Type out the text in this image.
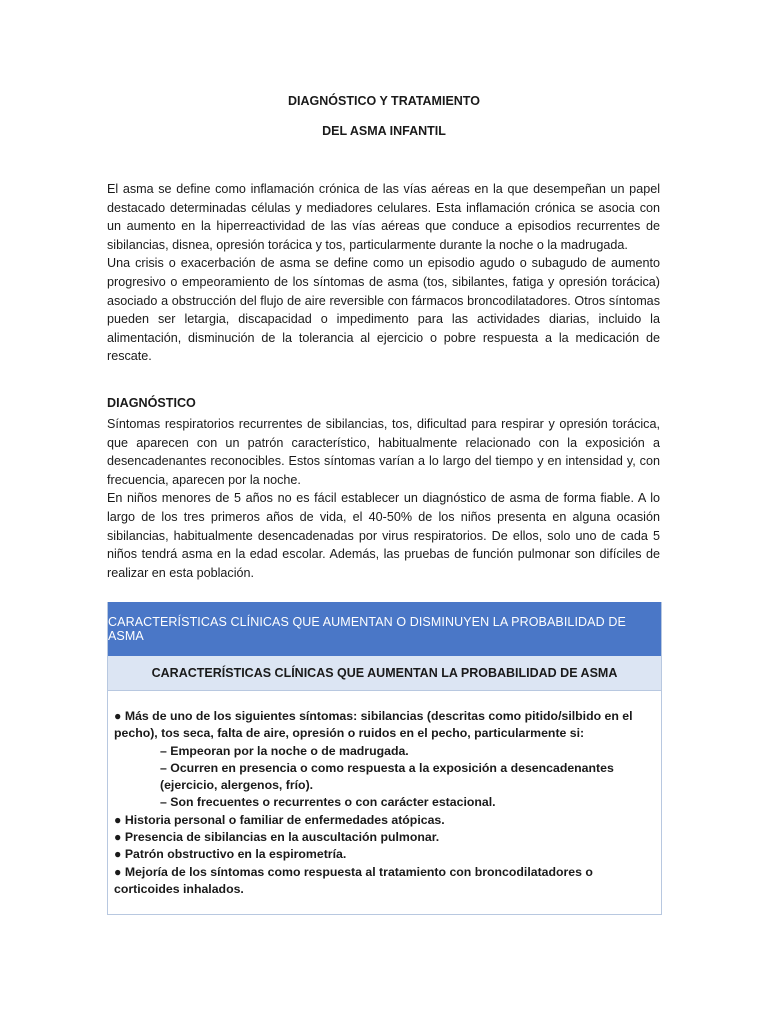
DIAGNÓSTICO Y TRATAMIENTO
DEL ASMA INFANTIL

El asma se define como inflamación crónica de las vías aéreas en la que desempeñan un papel destacado determinadas células y mediadores celulares. Esta inflamación crónica se asocia con un aumento en la hiperreactividad de las vías aéreas que conduce a episodios recurrentes de sibilancias, disnea, opresión torácica y tos, particularmente durante la noche o la madrugada.

Una crisis o exacerbación de asma se define como un episodio agudo o subagudo de aumento progresivo o empeoramiento de los síntomas de asma (tos, sibilantes, fatiga y opresión torácica) asociado a obstrucción del flujo de aire reversible con fármacos broncodilatadores. Otros síntomas pueden ser letargia, discapacidad o impedimento para las actividades diarias, incluido la alimentación, disminución de la tolerancia al ejercicio o pobre respuesta a la medicación de rescate.

DIAGNÓSTICO

Síntomas respiratorios recurrentes de sibilancias, tos, dificultad para respirar y opresión torácica, que aparecen con un patrón característico, habitualmente relacionado con la exposición a desencadenantes reconocibles. Estos síntomas varían a lo largo del tiempo y en intensidad y, con frecuencia, aparecen por la noche.

En niños menores de 5 años no es fácil establecer un diagnóstico de asma de forma fiable. A lo largo de los tres primeros años de vida, el 40-50% de los niños presenta en alguna ocasión sibilancias, habitualmente desencadenadas por virus respiratorios. De ellos, solo uno de cada 5 niños tendrá asma en la edad escolar. Además, las pruebas de función pulmonar son difíciles de realizar en esta población.

CARACTERÍSTICAS CLÍNICAS QUE AUMENTAN O DISMINUYEN LA PROBABILIDAD DE ASMA
CARACTERÍSTICAS CLÍNICAS QUE AUMENTAN LA PROBABILIDAD DE ASMA

● Más de uno de los siguientes síntomas: sibilancias (descritas como pitido/silbido en el pecho), tos seca, falta de aire, opresión o ruidos en el pecho, particularmente si:

– Empeoran por la noche o de madrugada.

– Ocurren en presencia o como respuesta a la exposición a desencadenantes (ejercicio, alergenos, frío).

– Son frecuentes o recurrentes o con carácter estacional.

● Historia personal o familiar de enfermedades atópicas.

● Presencia de sibilancias en la auscultación pulmonar.

● Patrón obstructivo en la espirometría.

● Mejoría de los síntomas como respuesta al tratamiento con broncodilatadores o corticoides inhalados.
